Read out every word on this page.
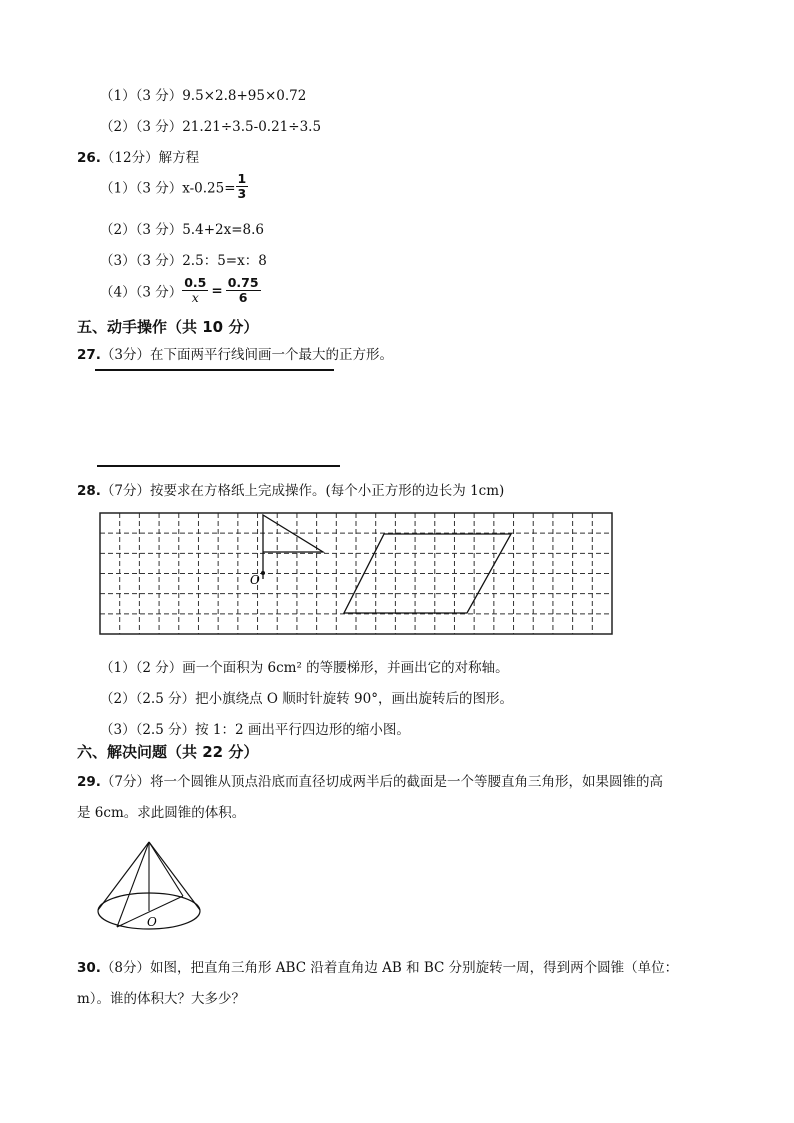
（1）（3 分）9.5×2.8+95×0.72
（2）（3 分）21.21÷3.5-0.21÷3.5
26.（12分）解方程
（1）（3 分）$x-0.25= \frac{1}{3}$
（2）（3 分）5.4+2x=8.6
（3）（3 分）2.5：5=x：8
（4）（3 分） $\frac{0.5}{x} = \frac{0.75}{6}$
五、动手操作（共 10 分）
27.（3分）在下面两平行线间画一个最大的正方形。
28.（7分）按要求在方格纸上完成操作。(每个小正方形的边长为 1cm)
O
（1）（2 分）画一个面积为 6cm² 的等腰梯形，并画出它的对称轴。
（2）（2.5 分）把小旗绕点 O 顺时针旋转 90°，画出旋转后的图形。
（3）（2.5 分）按 1：2 画出平行四边形的缩小图。
六、解决问题（共 22 分）
29.（7分）将一个圆锥从顶点沿底而直径切成两半后的截面是一个等腰直角三角形，如果圆锥的高
是 6cm。求此圆锥的体积。
O
30.（8分）如图，把直角三角形 ABC 沿着直角边 AB 和 BC 分别旋转一周，得到两个圆锥（单位：
m）。谁的体积大？大多少？
